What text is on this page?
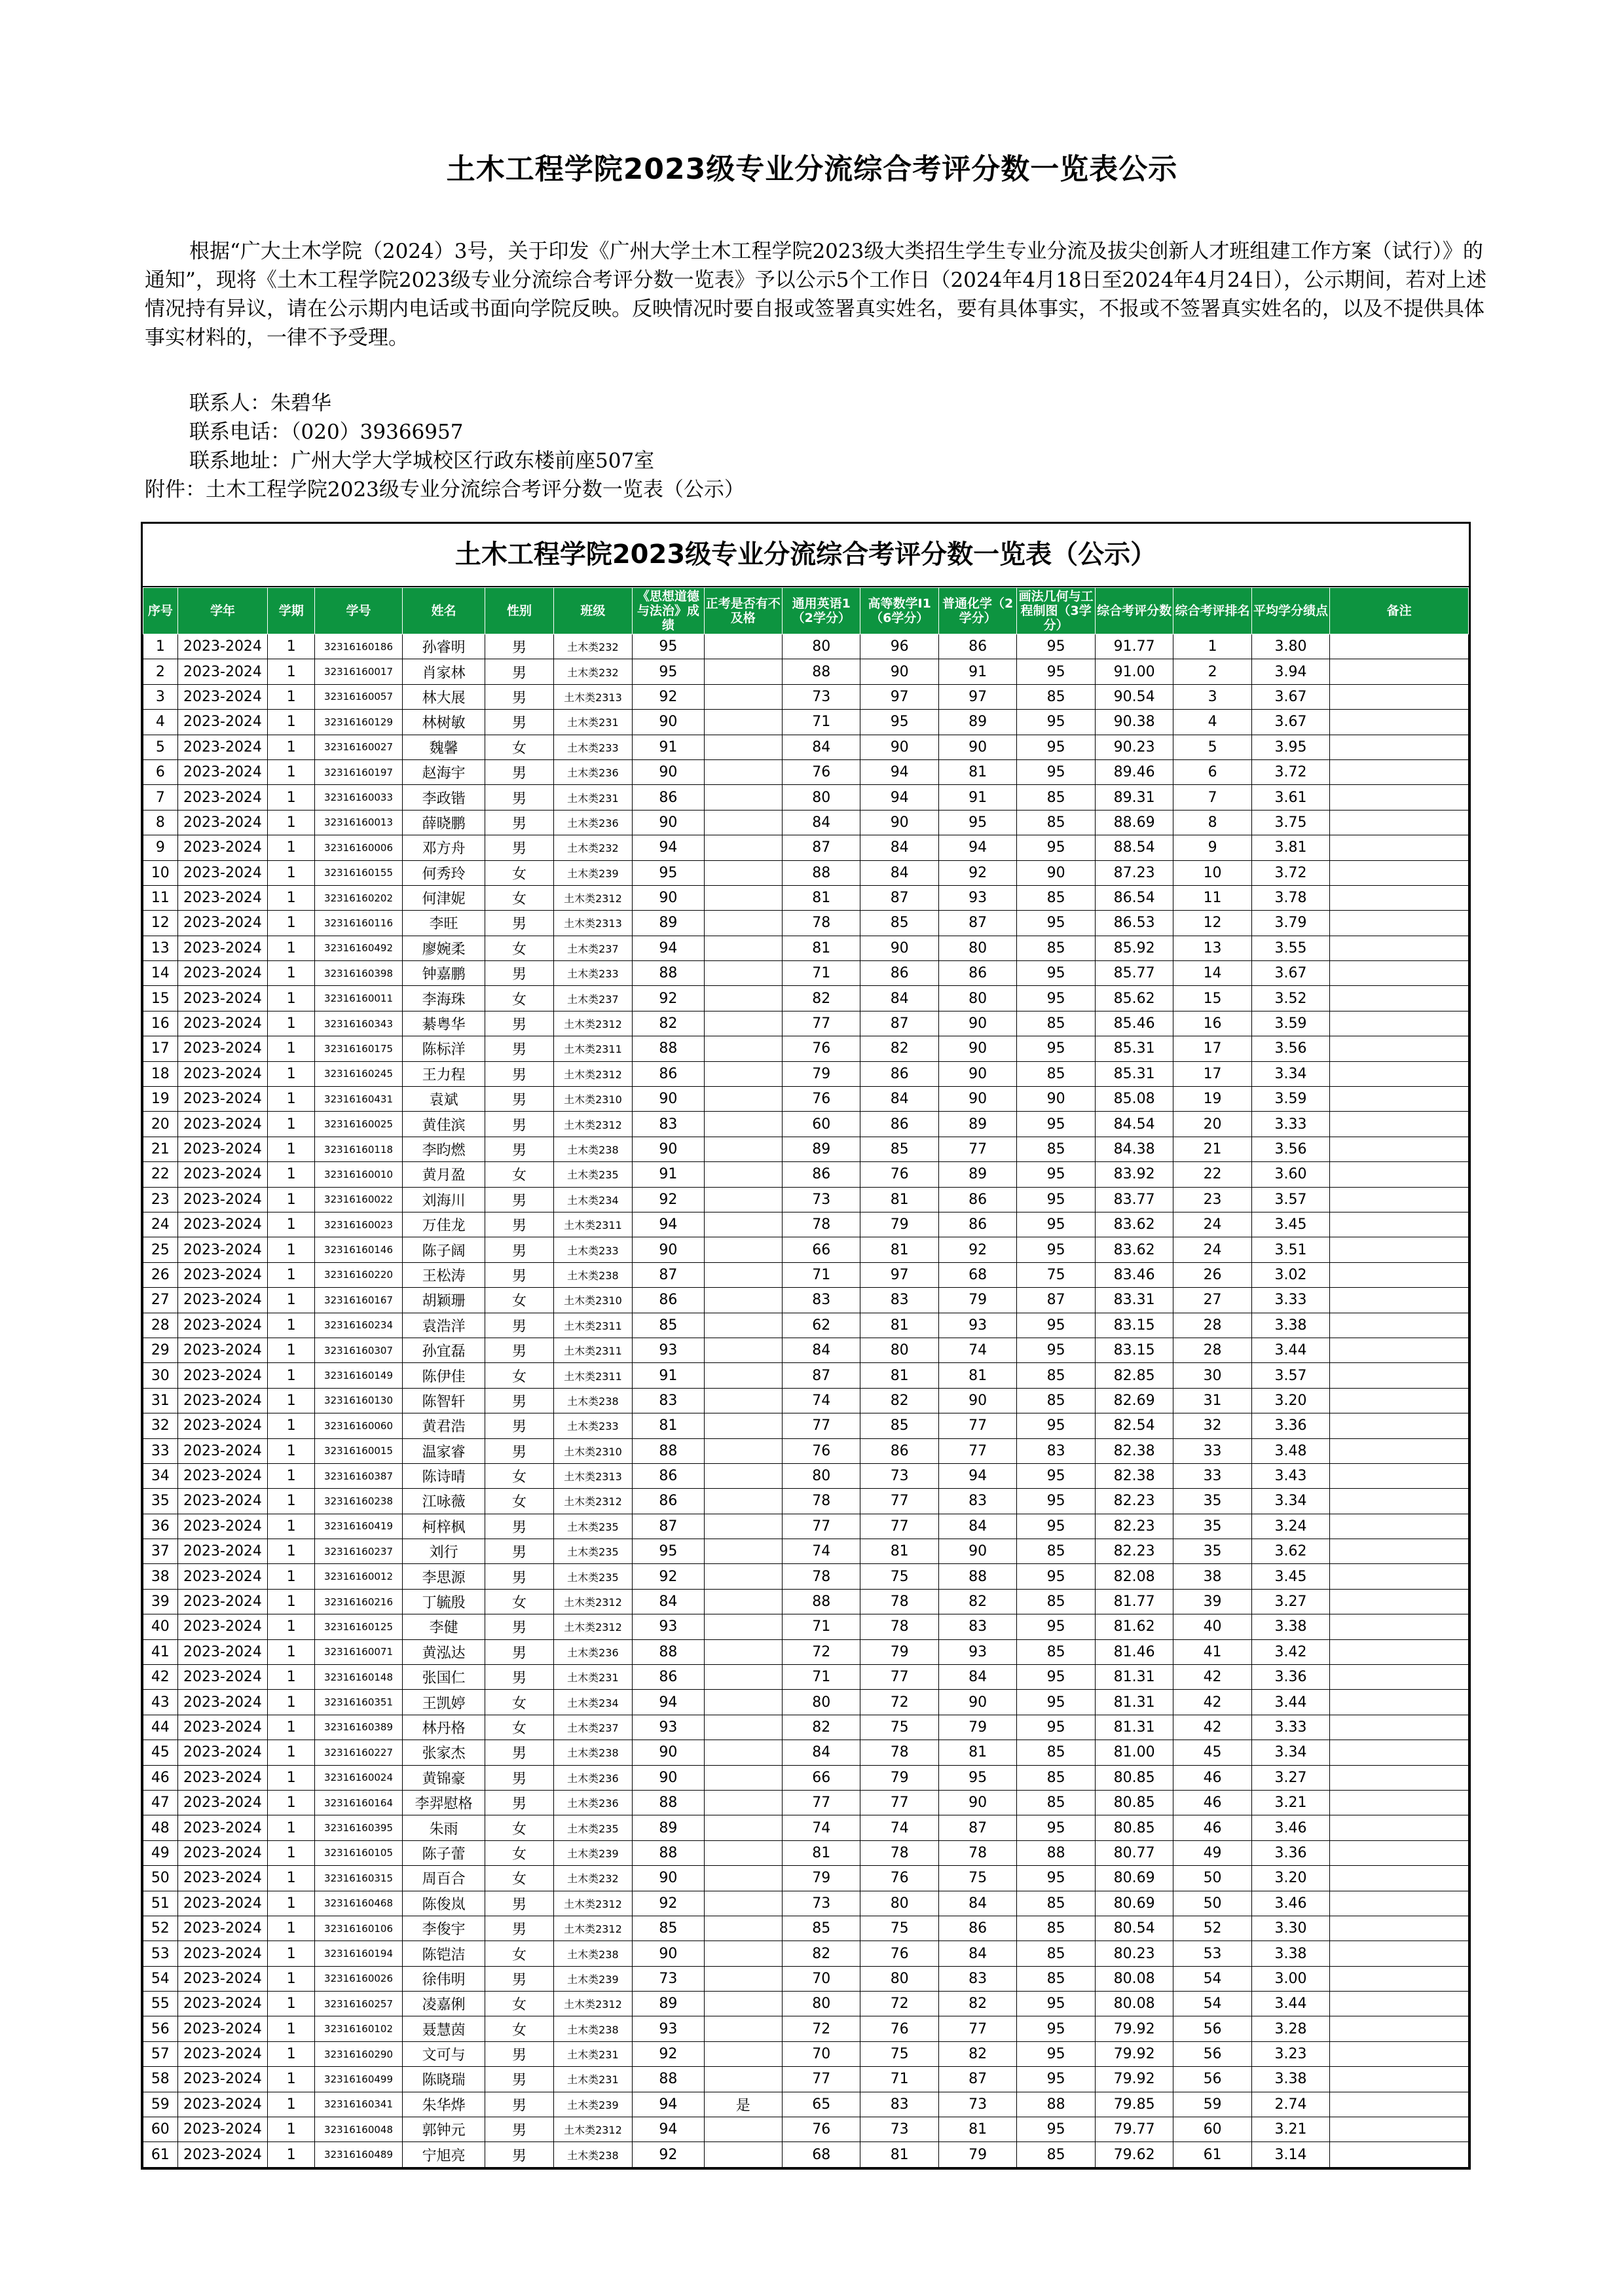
土木工程学院2023级专业分流综合考评分数一览表公示

根据“广大土木学院（2024）3号，关于印发《广州大学土木工程学院2023级大类招生学生专业分流及拔尖创新人才班组建工作方案（试行）》的通知”，现将《土木工程学院2023级专业分流综合考评分数一览表》予以公示5个工作日（2024年4月18日至2024年4月24日），公示期间，若对上述情况持有异议，请在公示期内电话或书面向学院反映。反映情况时要自报或签署真实姓名，要有具体事实，不报或不签署真实姓名的，以及不提供具体事实材料的，一律不予受理。

联系人：朱碧华
联系电话：（020）39366957
联系地址：广州大学大学城校区行政东楼前座507室
附件：土木工程学院2023级专业分流综合考评分数一览表（公示）
土木工程学院2023级专业分流综合考评分数一览表（公示）
序号	学年	学期	学号	姓名	性别	班级	《思想道德与法治》成绩	正考是否有不及格	通用英语1（2学分）	高等数学Ⅰ1（6学分）	普通化学（2学分）	画法几何与工程制图（3学分）	综合考评分数	综合考评排名	平均学分绩点	备注
1	2023-2024	1	32316160186	孙睿明	男	土木类232	95		80	96	86	95	91.77	1	3.80	
2	2023-2024	1	32316160017	肖家林	男	土木类232	95		88	90	91	95	91.00	2	3.94	
3	2023-2024	1	32316160057	林大展	男	土木类2313	92		73	97	97	85	90.54	3	3.67	
4	2023-2024	1	32316160129	林树敏	男	土木类231	90		71	95	89	95	90.38	4	3.67	
5	2023-2024	1	32316160027	魏馨	女	土木类233	91		84	90	90	95	90.23	5	3.95	
6	2023-2024	1	32316160197	赵海宇	男	土木类236	90		76	94	81	95	89.46	6	3.72	
7	2023-2024	1	32316160033	李政锴	男	土木类231	86		80	94	91	85	89.31	7	3.61	
8	2023-2024	1	32316160013	薛晓鹏	男	土木类236	90		84	90	95	85	88.69	8	3.75	
9	2023-2024	1	32316160006	邓方舟	男	土木类232	94		87	84	94	95	88.54	9	3.81	
10	2023-2024	1	32316160155	何秀玲	女	土木类239	95		88	84	92	90	87.23	10	3.72	
11	2023-2024	1	32316160202	何津妮	女	土木类2312	90		81	87	93	85	86.54	11	3.78	
12	2023-2024	1	32316160116	李旺	男	土木类2313	89		78	85	87	95	86.53	12	3.79	
13	2023-2024	1	32316160492	廖婉柔	女	土木类237	94		81	90	80	85	85.92	13	3.55	
14	2023-2024	1	32316160398	钟嘉鹏	男	土木类233	88		71	86	86	95	85.77	14	3.67	
15	2023-2024	1	32316160011	李海珠	女	土木类237	92		82	84	80	95	85.62	15	3.52	
16	2023-2024	1	32316160343	綦粤华	男	土木类2312	82		77	87	90	85	85.46	16	3.59	
17	2023-2024	1	32316160175	陈标洋	男	土木类2311	88		76	82	90	95	85.31	17	3.56	
18	2023-2024	1	32316160245	王力程	男	土木类2312	86		79	86	90	85	85.31	17	3.34	
19	2023-2024	1	32316160431	袁斌	男	土木类2310	90		76	84	90	90	85.08	19	3.59	
20	2023-2024	1	32316160025	黄佳滨	男	土木类2312	83		60	86	89	95	84.54	20	3.33	
21	2023-2024	1	32316160118	李昀燃	男	土木类238	90		89	85	77	85	84.38	21	3.56	
22	2023-2024	1	32316160010	黄月盈	女	土木类235	91		86	76	89	95	83.92	22	3.60	
23	2023-2024	1	32316160022	刘海川	男	土木类234	92		73	81	86	95	83.77	23	3.57	
24	2023-2024	1	32316160023	万佳龙	男	土木类2311	94		78	79	86	95	83.62	24	3.45	
25	2023-2024	1	32316160146	陈子阔	男	土木类233	90		66	81	92	95	83.62	24	3.51	
26	2023-2024	1	32316160220	王松涛	男	土木类238	87		71	97	68	75	83.46	26	3.02	
27	2023-2024	1	32316160167	胡颖珊	女	土木类2310	86		83	83	79	87	83.31	27	3.33	
28	2023-2024	1	32316160234	袁浩洋	男	土木类2311	85		62	81	93	95	83.15	28	3.38	
29	2023-2024	1	32316160307	孙宜磊	男	土木类2311	93		84	80	74	95	83.15	28	3.44	
30	2023-2024	1	32316160149	陈伊佳	女	土木类2311	91		87	81	81	85	82.85	30	3.57	
31	2023-2024	1	32316160130	陈智轩	男	土木类238	83		74	82	90	85	82.69	31	3.20	
32	2023-2024	1	32316160060	黄君浩	男	土木类233	81		77	85	77	95	82.54	32	3.36	
33	2023-2024	1	32316160015	温家睿	男	土木类2310	88		76	86	77	83	82.38	33	3.48	
34	2023-2024	1	32316160387	陈诗晴	女	土木类2313	86		80	73	94	95	82.38	33	3.43	
35	2023-2024	1	32316160238	江咏薇	女	土木类2312	86		78	77	83	95	82.23	35	3.34	
36	2023-2024	1	32316160419	柯梓枫	男	土木类235	87		77	77	84	95	82.23	35	3.24	
37	2023-2024	1	32316160237	刘行	男	土木类235	95		74	81	90	85	82.23	35	3.62	
38	2023-2024	1	32316160012	李思源	男	土木类235	92		78	75	88	95	82.08	38	3.45	
39	2023-2024	1	32316160216	丁毓殷	女	土木类2312	84		88	78	82	85	81.77	39	3.27	
40	2023-2024	1	32316160125	李健	男	土木类2312	93		71	78	83	95	81.62	40	3.38	
41	2023-2024	1	32316160071	黄泓达	男	土木类236	88		72	79	93	85	81.46	41	3.42	
42	2023-2024	1	32316160148	张国仁	男	土木类231	86		71	77	84	95	81.31	42	3.36	
43	2023-2024	1	32316160351	王凯婷	女	土木类234	94		80	72	90	95	81.31	42	3.44	
44	2023-2024	1	32316160389	林丹格	女	土木类237	93		82	75	79	95	81.31	42	3.33	
45	2023-2024	1	32316160227	张家杰	男	土木类238	90		84	78	81	85	81.00	45	3.34	
46	2023-2024	1	32316160024	黄锦豪	男	土木类236	90		66	79	95	85	80.85	46	3.27	
47	2023-2024	1	32316160164	李羿慰格	男	土木类236	88		77	77	90	85	80.85	46	3.21	
48	2023-2024	1	32316160395	朱雨	女	土木类235	89		74	74	87	95	80.85	46	3.46	
49	2023-2024	1	32316160105	陈子蕾	女	土木类239	88		81	78	78	88	80.77	49	3.36	
50	2023-2024	1	32316160315	周百合	女	土木类232	90		79	76	75	95	80.69	50	3.20	
51	2023-2024	1	32316160468	陈俊岚	男	土木类2312	92		73	80	84	85	80.69	50	3.46	
52	2023-2024	1	32316160106	李俊宇	男	土木类2312	85		85	75	86	85	80.54	52	3.30	
53	2023-2024	1	32316160194	陈铠洁	女	土木类238	90		82	76	84	85	80.23	53	3.38	
54	2023-2024	1	32316160026	徐伟明	男	土木类239	73		70	80	83	85	80.08	54	3.00	
55	2023-2024	1	32316160257	凌嘉俐	女	土木类2312	89		80	72	82	95	80.08	54	3.44	
56	2023-2024	1	32316160102	聂慧茵	女	土木类238	93		72	76	77	95	79.92	56	3.28	
57	2023-2024	1	32316160290	文可与	男	土木类231	92		70	75	82	95	79.92	56	3.23	
58	2023-2024	1	32316160499	陈晓瑞	男	土木类231	88		77	71	87	95	79.92	56	3.38	
59	2023-2024	1	32316160341	朱华烨	男	土木类239	94	是	65	83	73	88	79.85	59	2.74	
60	2023-2024	1	32316160048	郭钟元	男	土木类2312	94		76	73	81	95	79.77	60	3.21	
61	2023-2024	1	32316160489	宁旭亮	男	土木类238	92		68	81	79	85	79.62	61	3.14	
